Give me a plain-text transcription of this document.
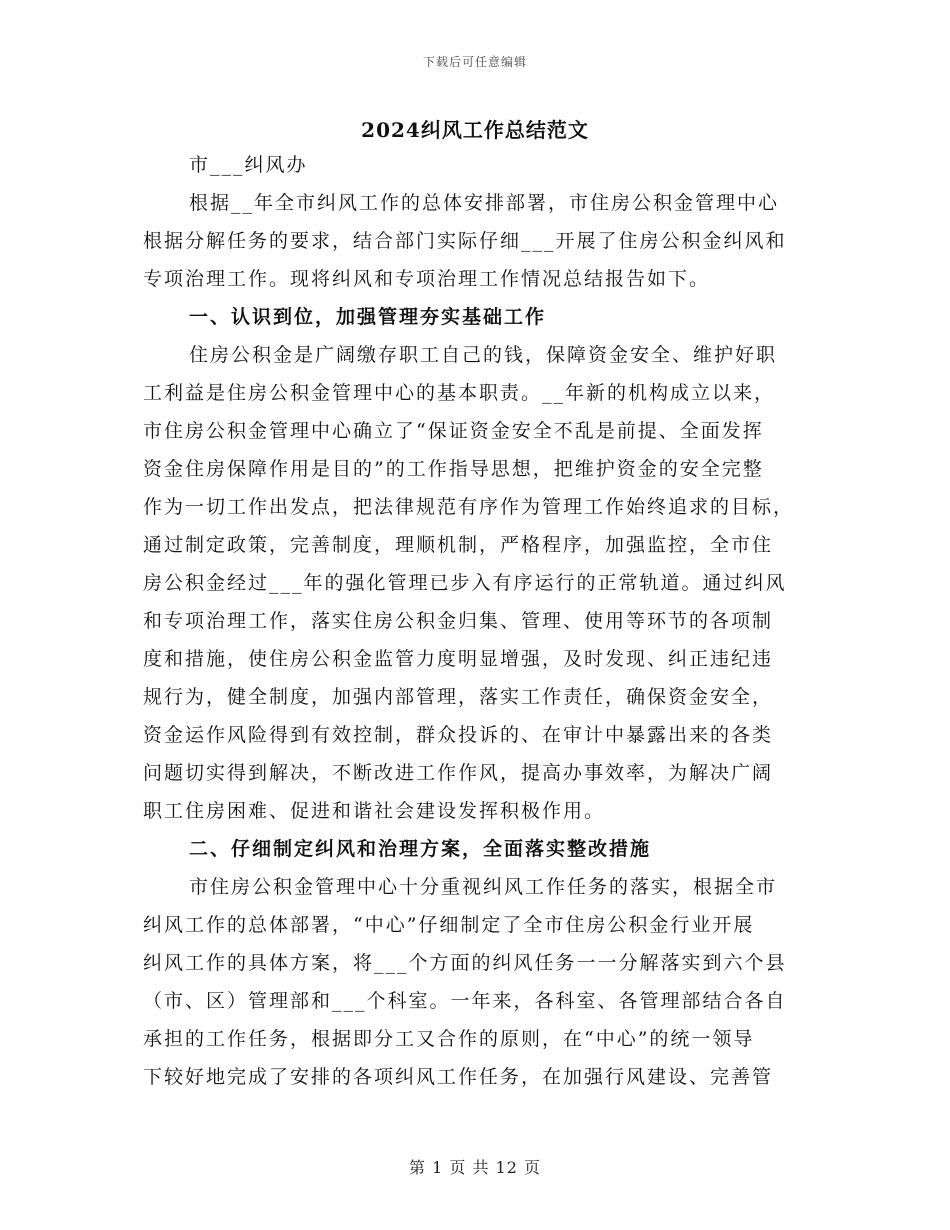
下载后可任意编辑
2024纠风工作总结范文
市___纠风办
根据__年全市纠风工作的总体安排部署，市住房公积金管理中心
根据分解任务的要求，结合部门实际仔细___开展了住房公积金纠风和
专项治理工作。现将纠风和专项治理工作情况总结报告如下。
一、认识到位，加强管理夯实基础工作
住房公积金是广阔缴存职工自己的钱，保障资金安全、维护好职
工利益是住房公积金管理中心的基本职责。__年新的机构成立以来，
市住房公积金管理中心确立了“保证资金安全不乱是前提、全面发挥
资金住房保障作用是目的”的工作指导思想，把维护资金的安全完整
作为一切工作出发点，把法律规范有序作为管理工作始终追求的目标，
通过制定政策，完善制度，理顺机制，严格程序，加强监控，全市住
房公积金经过___年的强化管理已步入有序运行的正常轨道。通过纠风
和专项治理工作，落实住房公积金归集、管理、使用等环节的各项制
度和措施，使住房公积金监管力度明显增强，及时发现、纠正违纪违
规行为，健全制度，加强内部管理，落实工作责任，确保资金安全，
资金运作风险得到有效控制，群众投诉的、在审计中暴露出来的各类
问题切实得到解决，不断改进工作作风，提高办事效率，为解决广阔
职工住房困难、促进和谐社会建设发挥积极作用。
二、仔细制定纠风和治理方案，全面落实整改措施
市住房公积金管理中心十分重视纠风工作任务的落实，根据全市
纠风工作的总体部署，“中心”仔细制定了全市住房公积金行业开展
纠风工作的具体方案，将___个方面的纠风任务一一分解落实到六个县
（市、区）管理部和___个科室。一年来，各科室、各管理部结合各自
承担的工作任务，根据即分工又合作的原则，在“中心”的统一领导
下较好地完成了安排的各项纠风工作任务，在加强行风建设、完善管
第 1 页 共 12 页
